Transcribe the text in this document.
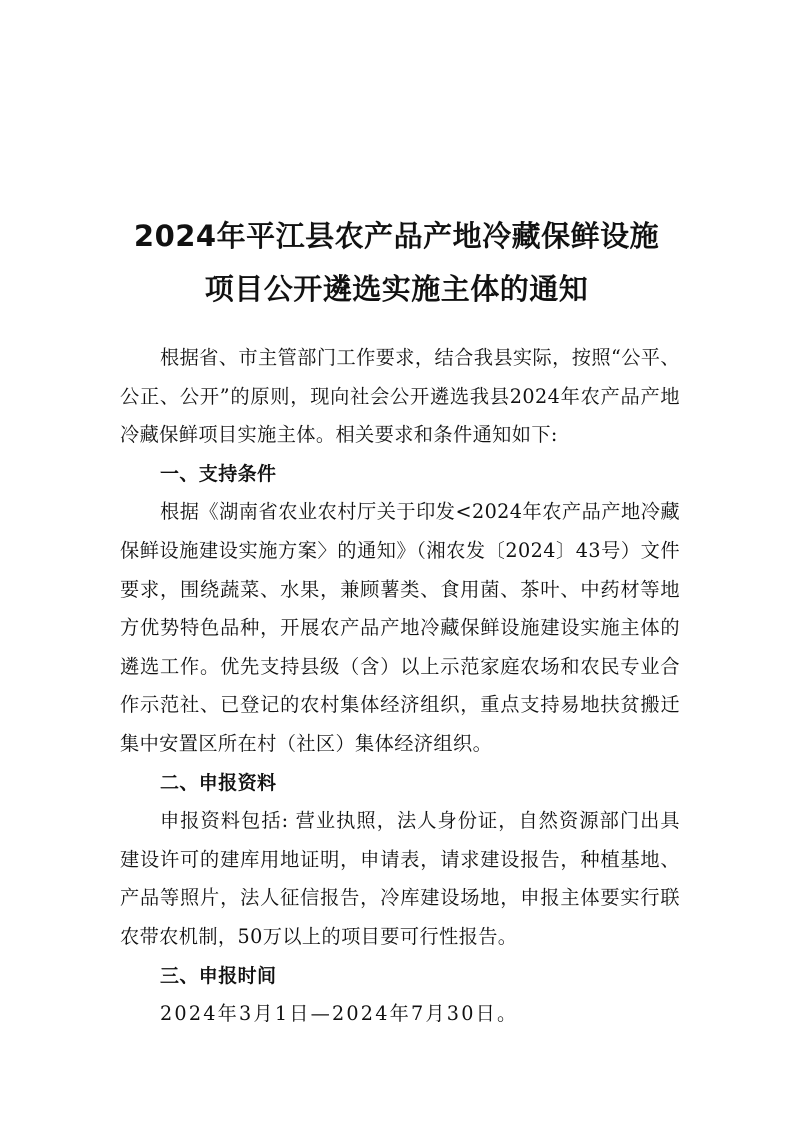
2024年平江县农产品产地冷藏保鲜设施
项目公开遴选实施主体的通知

根据省、市主管部门工作要求，结合我县实际，按照“公平、公正、公开”的原则，现向社会公开遴选我县2024年农产品产地冷藏保鲜项目实施主体。相关要求和条件通知如下:

一、支持条件

根据《湖南省农业农村厅关于印发<2024年农产品产地冷藏保鲜设施建设实施方案〉的通知》（湘农发〔2024〕43号）文件要求，围绕蔬菜、水果，兼顾薯类、食用菌、茶叶、中药材等地方优势特色品种，开展农产品产地冷藏保鲜设施建设实施主体的遴选工作。优先支持县级（含）以上示范家庭农场和农民专业合作示范社、已登记的农村集体经济组织，重点支持易地扶贫搬迁集中安置区所在村（社区）集体经济组织。

二、申报资料

申报资料包括: 营业执照，法人身份证，自然资源部门出具建设许可的建库用地证明，申请表，请求建设报告，种植基地、产品等照片，法人征信报告，冷库建设场地，申报主体要实行联农带农机制，50万以上的项目要可行性报告。

三、申报时间

2024年3月1日—2024年7月30日。
